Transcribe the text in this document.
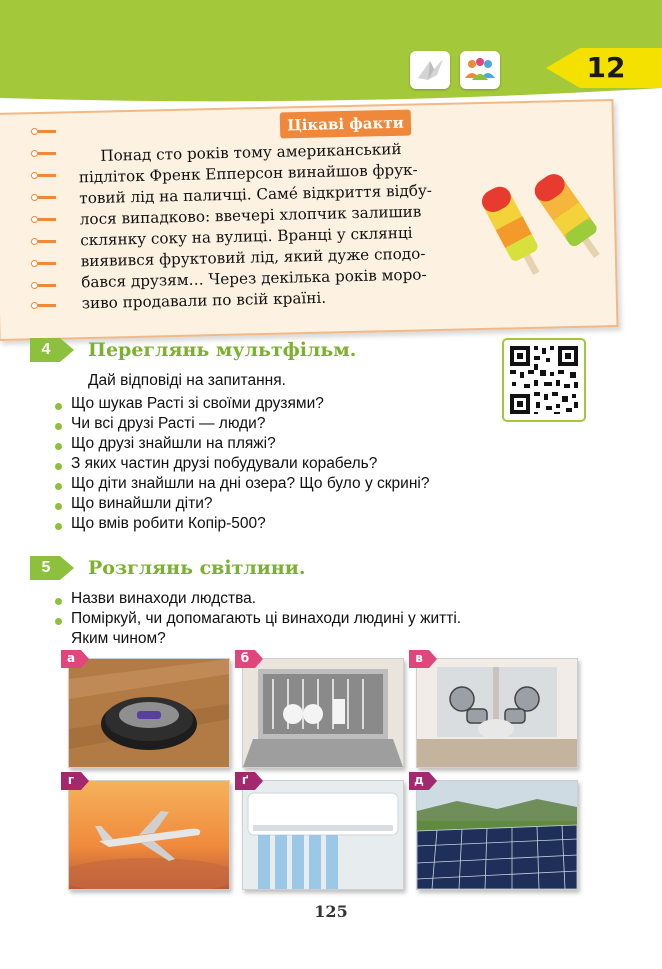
12
Цікаві факти
Понад сто років тому американський
підліток Френк Епперсон винайшов фрук-
товий лід на паличці. Самé відкриття відбу-
лося випадково: ввечері хлопчик залишив
склянку соку на вулиці. Вранці у склянці
виявився фруктовий лід, який дуже сподо-
бався друзям… Через декілька років моро-
зиво продавали по всій країні.
4	Переглянь мультфільм.
Дай відповіді на запитання.
Що шукав Расті зі своїми друзями?
Чи всі друзі Расті — люди?
Що друзі знайшли на пляжі?
З яких частин друзі побудували корабель?
Що діти знайшли на дні озера? Що було у скрині?
Що винайшли діти?
Що вмів робити Копір-500?
5	Розглянь світлини.
Назви винаходи людства.
Поміркуй, чи допомагають ці винаходи людині у житті.
Яким чином?
а	б	в
г	ґ	д
125
